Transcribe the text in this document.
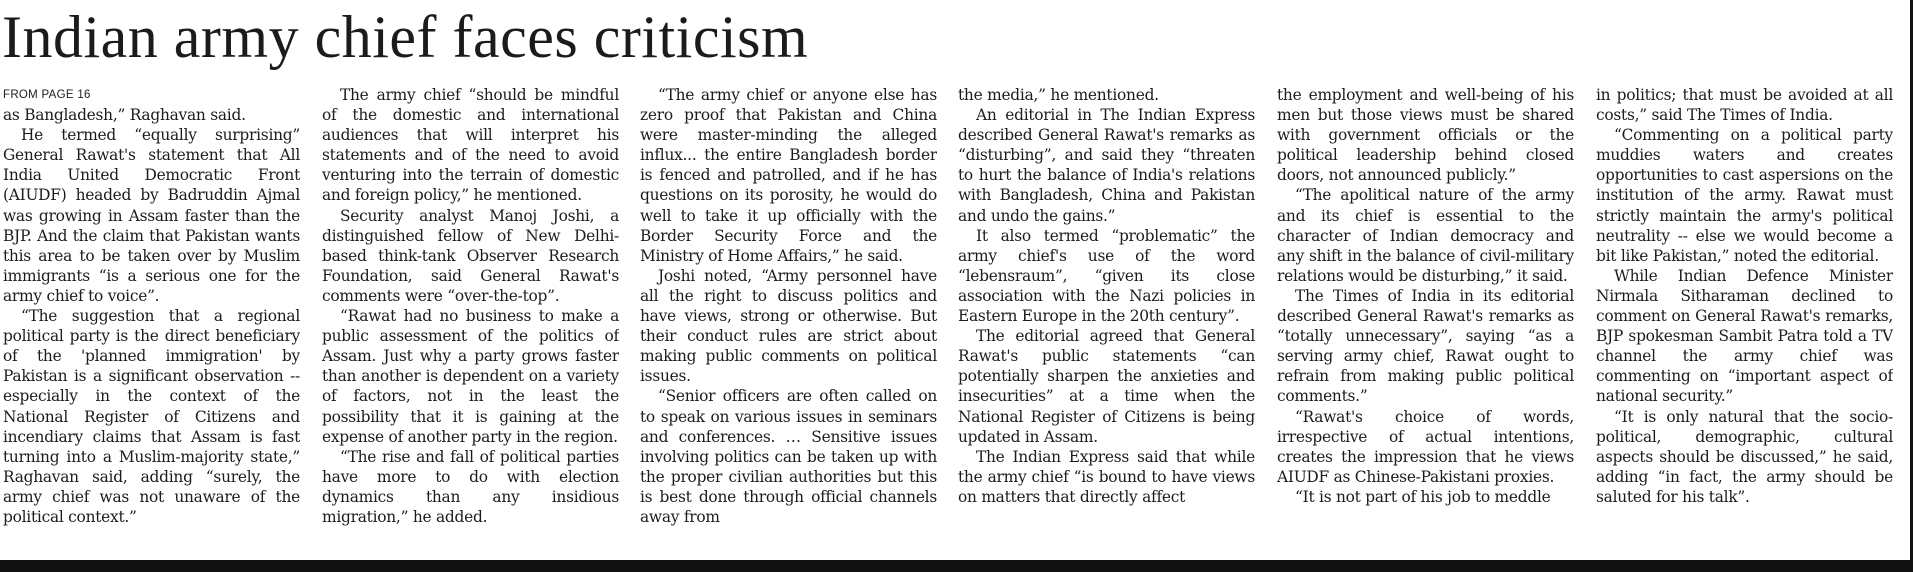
Indian army chief faces criticism
FROM PAGE 16

as Bangladesh,” Raghavan said.

He termed “equally surprising” General Rawat's statement that All India United Democratic Front (AIUDF) headed by Badruddin Ajmal was growing in Assam faster than the BJP. And the claim that Pakistan wants this area to be taken over by Muslim immigrants “is a serious one for the army chief to voice”.

“The suggestion that a regional political party is the direct beneficiary of the 'planned immigration' by Pakistan is a significant observation -- especially in the context of the National Register of Citizens and incendiary claims that Assam is fast turning into a Muslim-majority state,” Raghavan said, adding “surely, the army chief was not unaware of the political context.”

The army chief “should be mindful of the domestic and international audiences that will interpret his statements and of the need to avoid venturing into the terrain of domestic and foreign policy,” he mentioned.

Security analyst Manoj Joshi, a distinguished fellow of New Delhi-based think-tank Observer Research Foundation, said General Rawat's comments were “over-the-top”.

“Rawat had no business to make a public assessment of the politics of Assam. Just why a party grows faster than another is dependent on a variety of factors, not in the least the possibility that it is gaining at the expense of another party in the region.

“The rise and fall of political parties have more to do with election dynamics than any insidious migration,” he added.

“The army chief or anyone else has zero proof that Pakistan and China were master-minding the alleged influx... the entire Bangladesh border is fenced and patrolled, and if he has questions on its porosity, he would do well to take it up officially with the Border Security Force and the Ministry of Home Affairs,” he said.

Joshi noted, “Army personnel have all the right to discuss politics and have views, strong or otherwise. But their conduct rules are strict about making public comments on political issues.

“Senior officers are often called on to speak on various issues in seminars and conferences. … Sensitive issues involving politics can be taken up with the proper civilian authorities but this is best done through official channels away from

the media,” he mentioned.

An editorial in The Indian Express described General Rawat's remarks as “disturbing”, and said they “threaten to hurt the balance of India's relations with Bangladesh, China and Pakistan and undo the gains.”

It also termed “problematic” the army chief's use of the word “lebensraum”, “given its close association with the Nazi policies in Eastern Europe in the 20th century”.

The editorial agreed that General Rawat's public statements “can potentially sharpen the anxieties and insecurities” at a time when the National Register of Citizens is being updated in Assam.

The Indian Express said that while the army chief “is bound to have views on matters that directly affect

the employment and well-being of his men but those views must be shared with government officials or the political leadership behind closed doors, not announced publicly.”

“The apolitical nature of the army and its chief is essential to the character of Indian democracy and any shift in the balance of civil-military relations would be disturbing,” it said.

The Times of India in its editorial described General Rawat's remarks as “totally unnecessary”, saying “as a serving army chief, Rawat ought to refrain from making public political comments.”

“Rawat's choice of words, irrespective of actual intentions, creates the impression that he views AIUDF as Chinese-Pakistani proxies.

“It is not part of his job to meddle

in politics; that must be avoided at all costs,” said The Times of India.

“Commenting on a political party muddies waters and creates opportunities to cast aspersions on the institution of the army. Rawat must strictly maintain the army's political neutrality -- else we would become a bit like Pakistan,” noted the editorial.

While Indian Defence Minister Nirmala Sitharaman declined to comment on General Rawat's remarks, BJP spokesman Sambit Patra told a TV channel the army chief was commenting on “important aspect of national security.”

“It is only natural that the socio-political, demographic, cultural aspects should be discussed,” he said, adding “in fact, the army should be saluted for his talk”.
